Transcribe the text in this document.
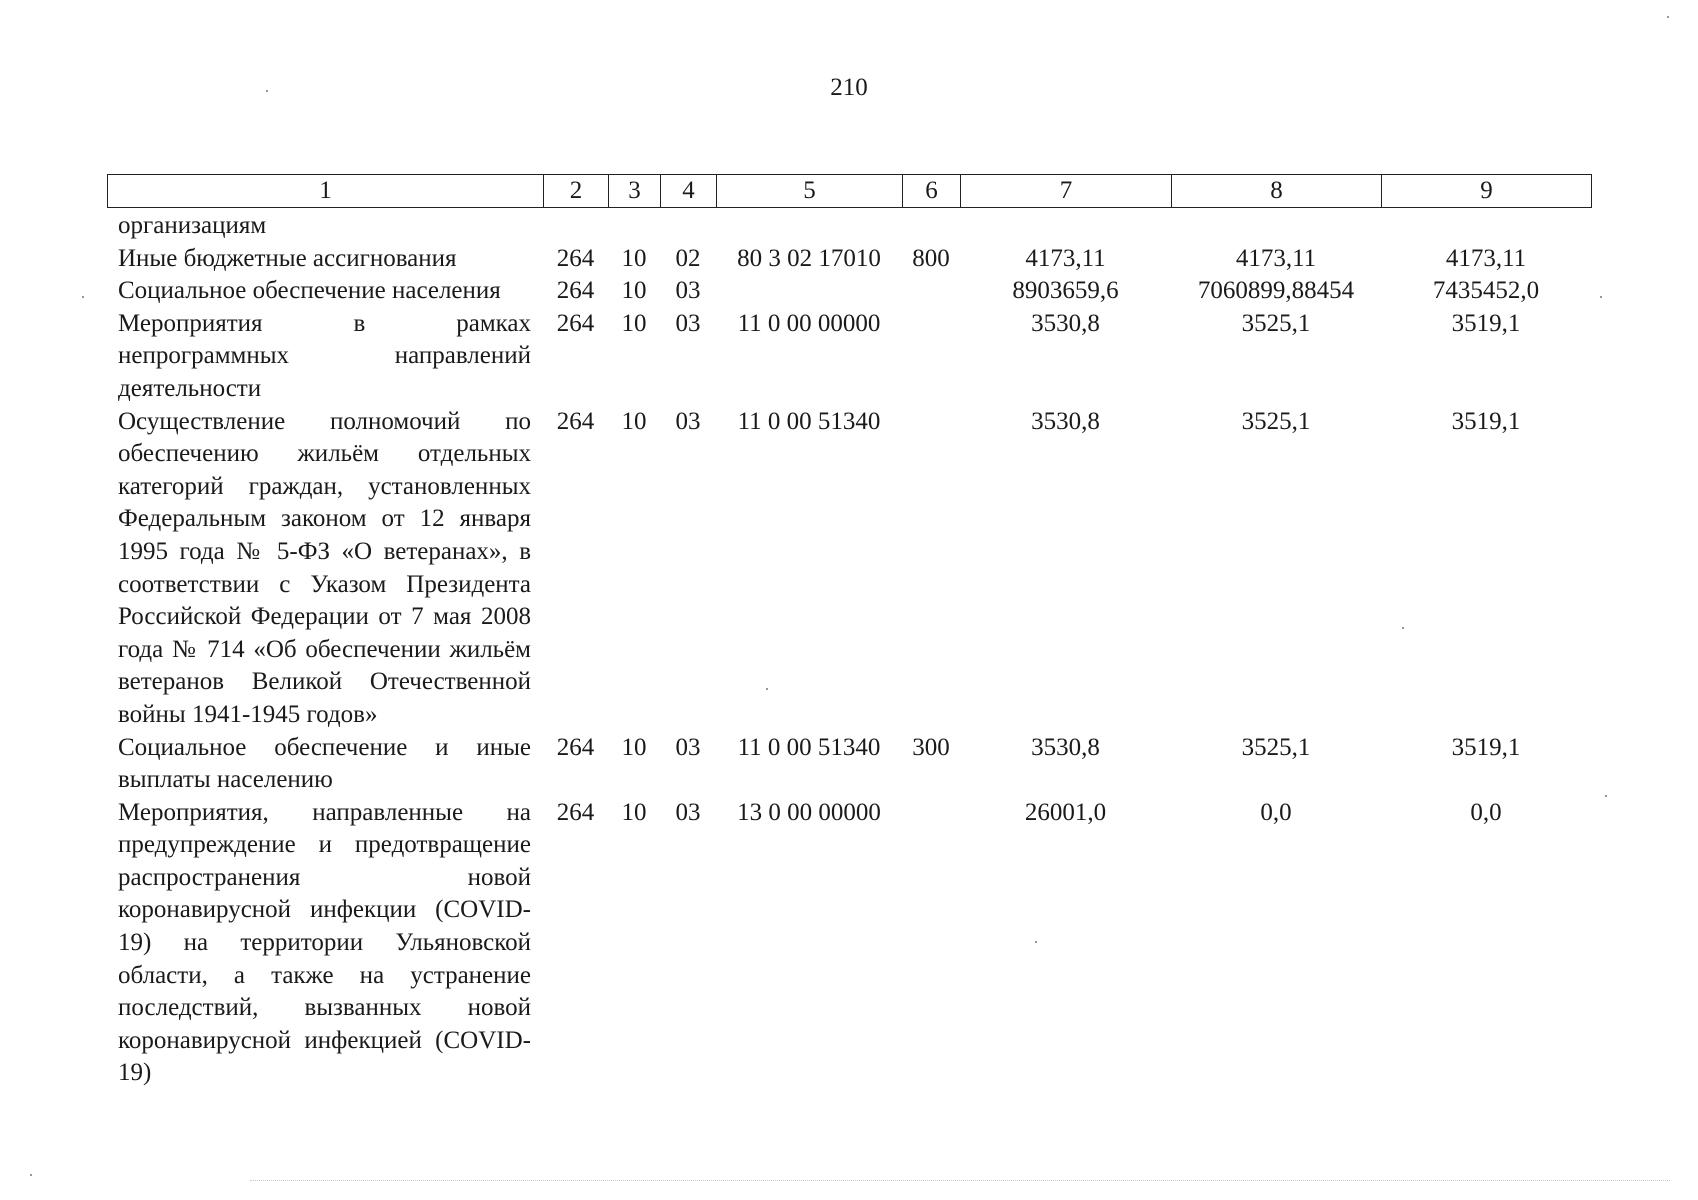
210
1	2	3	4	5	6	7	8	9
организациям								
Иные бюджетные ассигнования	264	10	02	80 3 02 17010	800	4173,11	4173,11	4173,11
Социальное обеспечение населения	264	10	03			8903659,6	7060899,88454	7435452,0
Мероприятия в рамках непрограммных направлений деятельности	264	10	03	11 0 00 00000		3530,8	3525,1	3519,1
Осуществление полномочий по обеспечению жильём отдельных категорий граждан, установленных Федеральным законом от 12 января 1995 года № 5-ФЗ «О ветеранах», в соответствии с Указом Президента Российской Федерации от 7 мая 2008 года № 714 «Об обеспечении жильём ветеранов Великой Отечественной войны 1941-1945 годов»	264	10	03	11 0 00 51340		3530,8	3525,1	3519,1
Социальное обеспечение и иные выплаты населению	264	10	03	11 0 00 51340	300	3530,8	3525,1	3519,1
Мероприятия, направленные на предупреждение и предотвращение распространения новой коронавирусной инфекции (COVID-19) на территории Ульяновской области, а также на устранение последствий, вызванных новой коронавирусной инфекцией (COVID-19)	264	10	03	13 0 00 00000		26001,0	0,0	0,0
